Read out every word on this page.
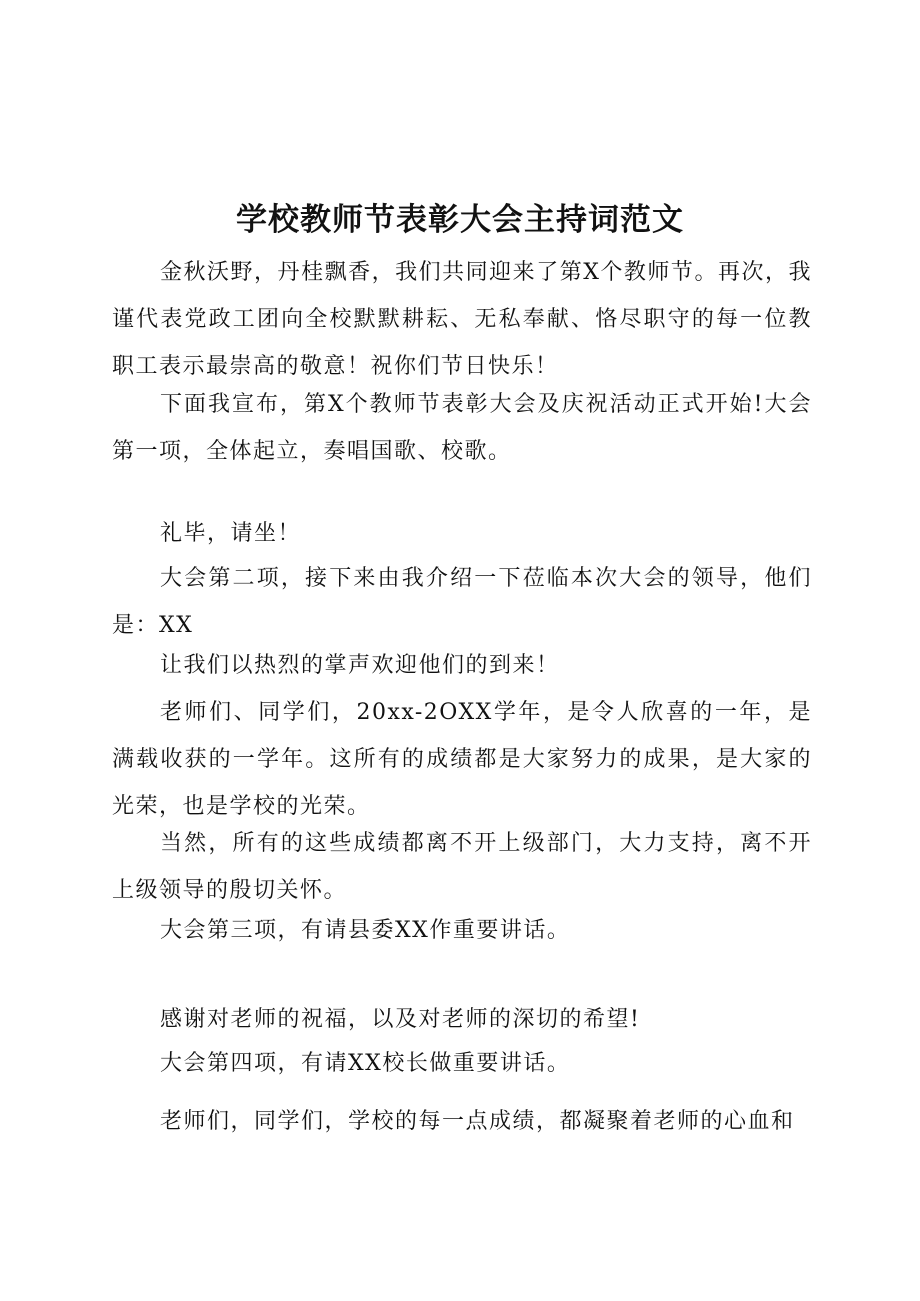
学校教师节表彰大会主持词范文

金秋沃野，丹桂飘香，我们共同迎来了第X个教师节。再次，我谨代表党政工团向全校默默耕耘、无私奉献、恪尽职守的每一位教职工表示最崇高的敬意！祝你们节日快乐！

下面我宣布，第X个教师节表彰大会及庆祝活动正式开始!大会第一项，全体起立，奏唱国歌、校歌。

礼毕，请坐！

大会第二项，接下来由我介绍一下莅临本次大会的领导，他们是：XX

让我们以热烈的掌声欢迎他们的到来！

老师们、同学们，20xx-2OXX学年，是令人欣喜的一年，是满载收获的一学年。这所有的成绩都是大家努力的成果，是大家的光荣，也是学校的光荣。

当然，所有的这些成绩都离不开上级部门，大力支持，离不开上级领导的殷切关怀。

大会第三项，有请县委XX作重要讲话。

感谢对老师的祝福，以及对老师的深切的希望!

大会第四项，有请XX校长做重要讲话。

老师们，同学们，学校的每一点成绩，都凝聚着老师的心血和
